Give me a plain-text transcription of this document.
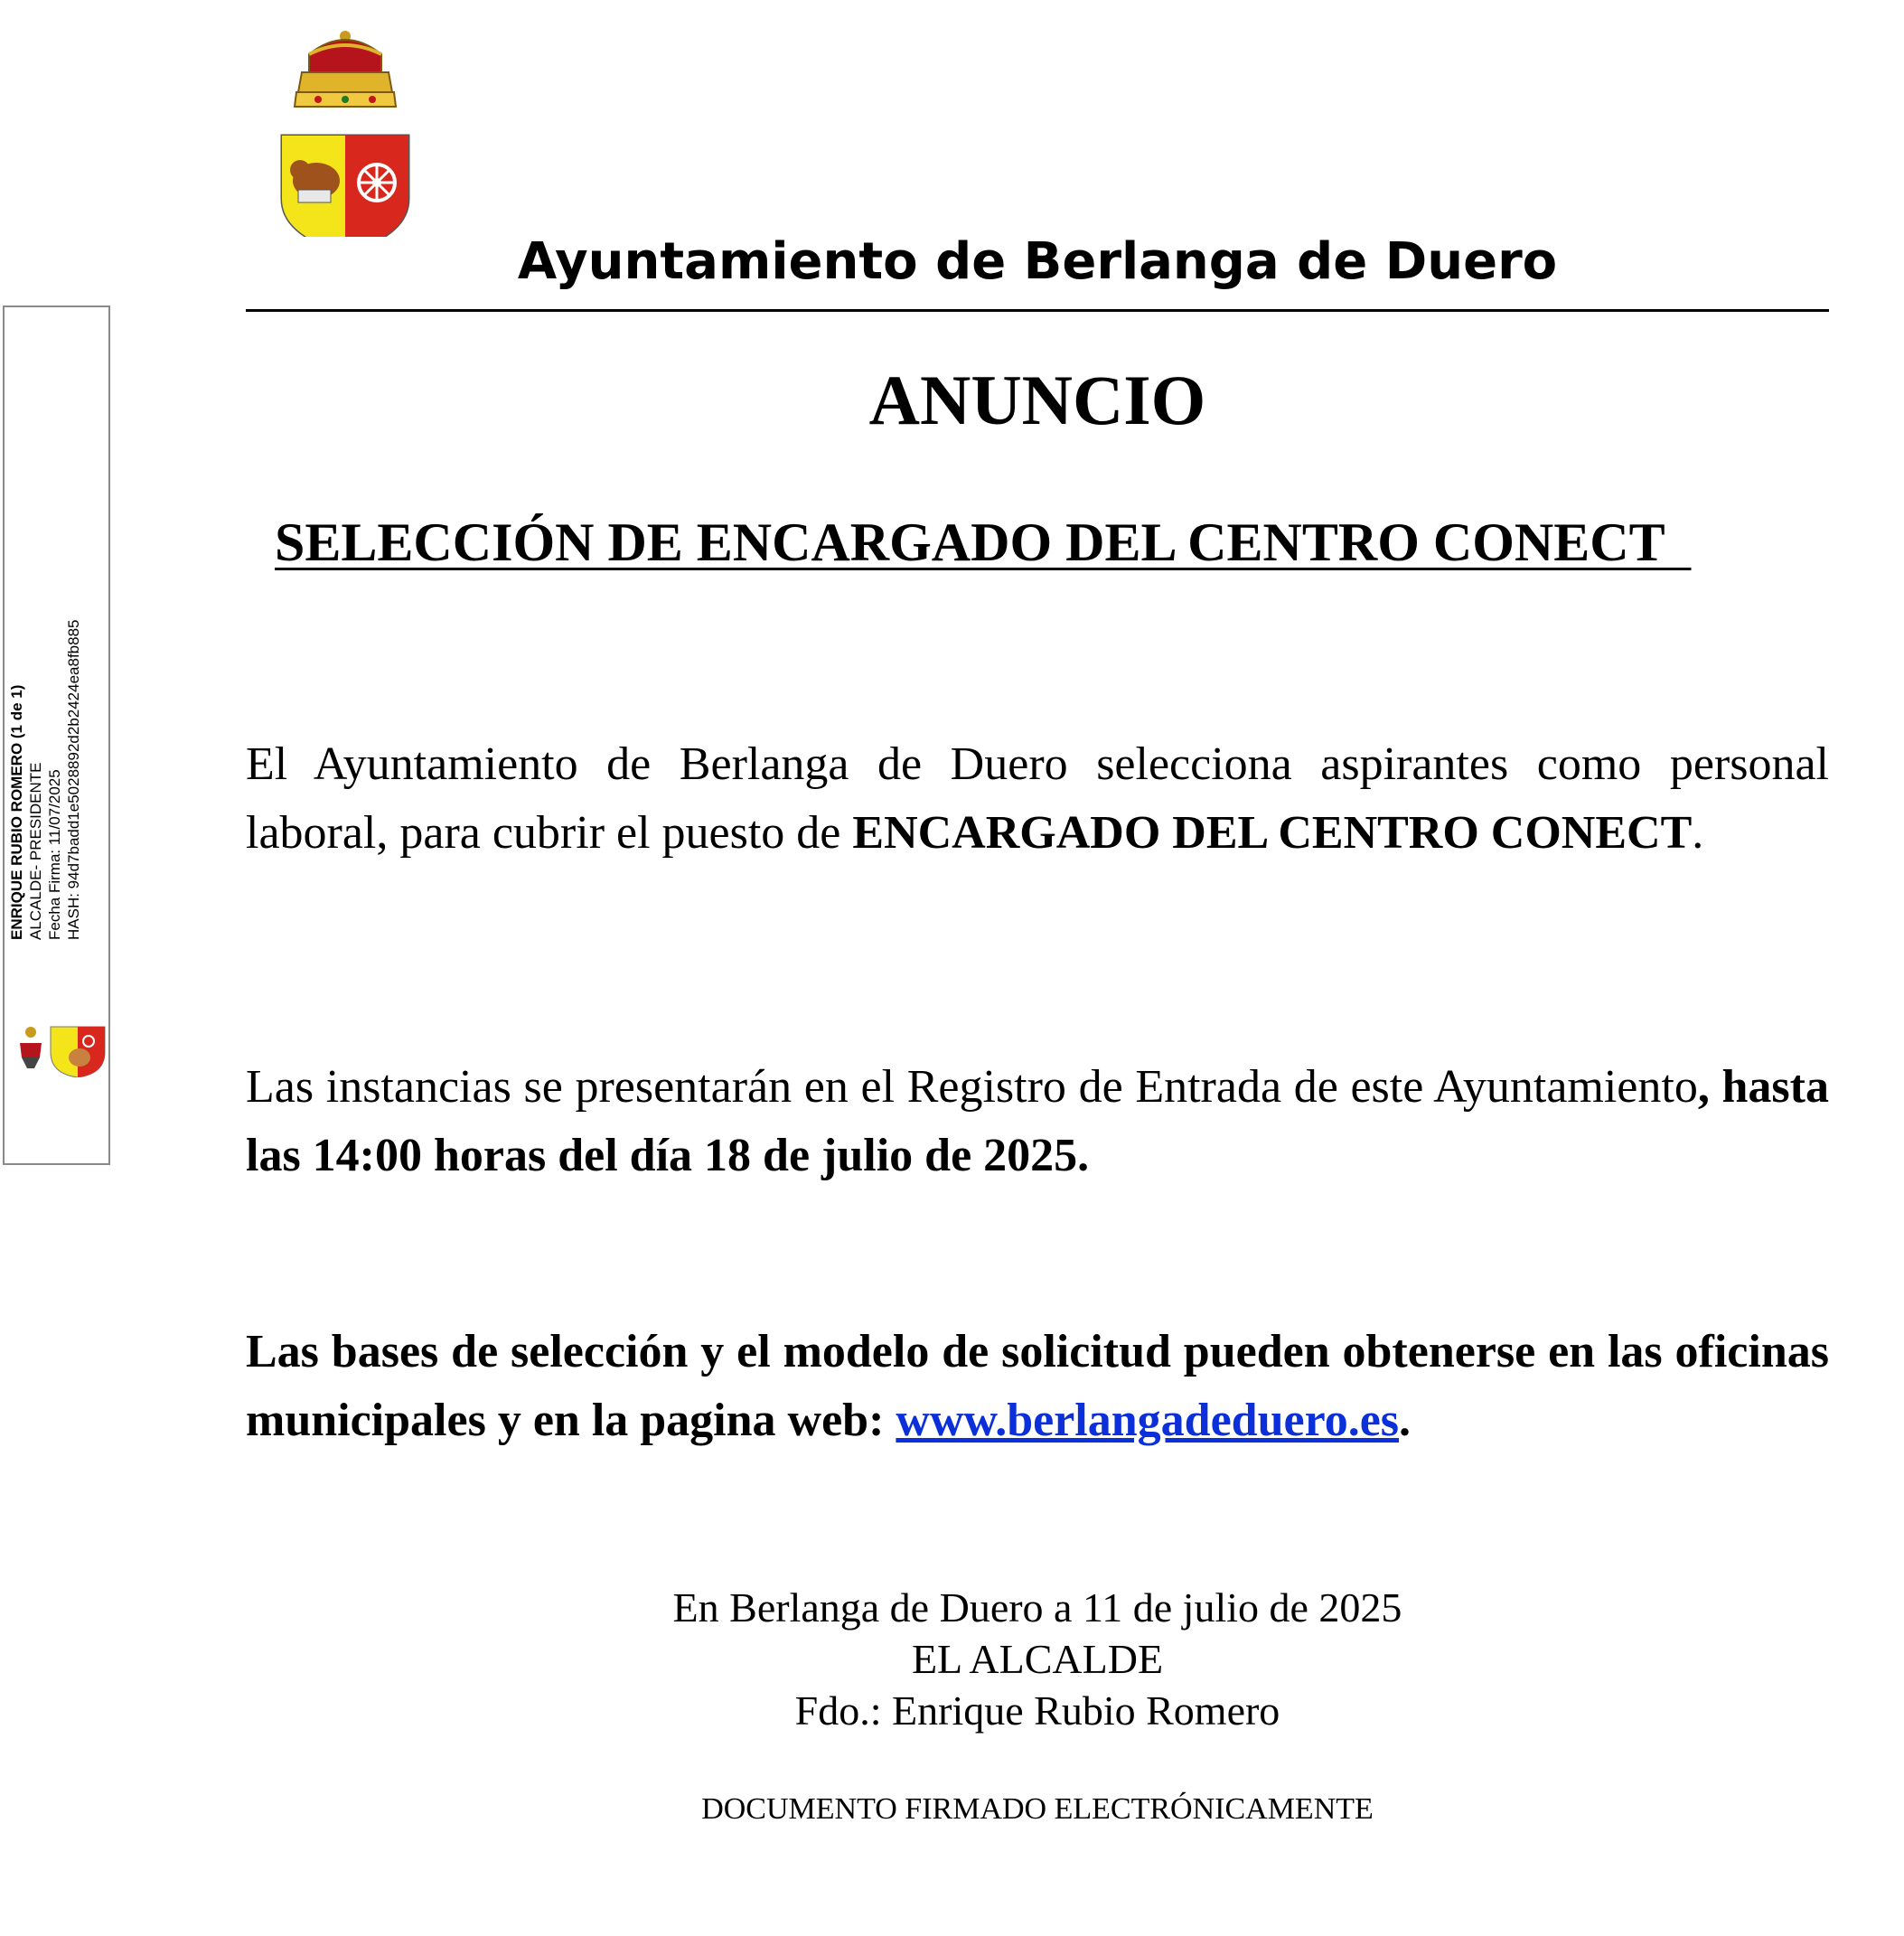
Ayuntamiento de Berlanga de Duero
ENRIQUE RUBIO ROMERO (1 de 1) ALCALDE- PRESIDENTE Fecha Firma: 11/07/2025 HASH: 94d7badd1e5028892d2b2424ea8fb885
ANUNCIO
SELECCIÓN DE ENCARGADO DEL CENTRO CONECT
El Ayuntamiento de Berlanga de Duero selecciona aspirantes como personal laboral, para cubrir el puesto de ENCARGADO DEL CENTRO CONECT.
Las instancias se presentarán en el Registro de Entrada de este Ayuntamiento, hasta las 14:00 horas del día 18 de julio de 2025.
Las bases de selección y el modelo de solicitud pueden obtenerse en las oficinas municipales y en la pagina web: www.berlangadeduero.es.
En Berlanga de Duero a 11 de julio de 2025
EL ALCALDE
Fdo.: Enrique Rubio Romero
DOCUMENTO FIRMADO ELECTRÓNICAMENTE
